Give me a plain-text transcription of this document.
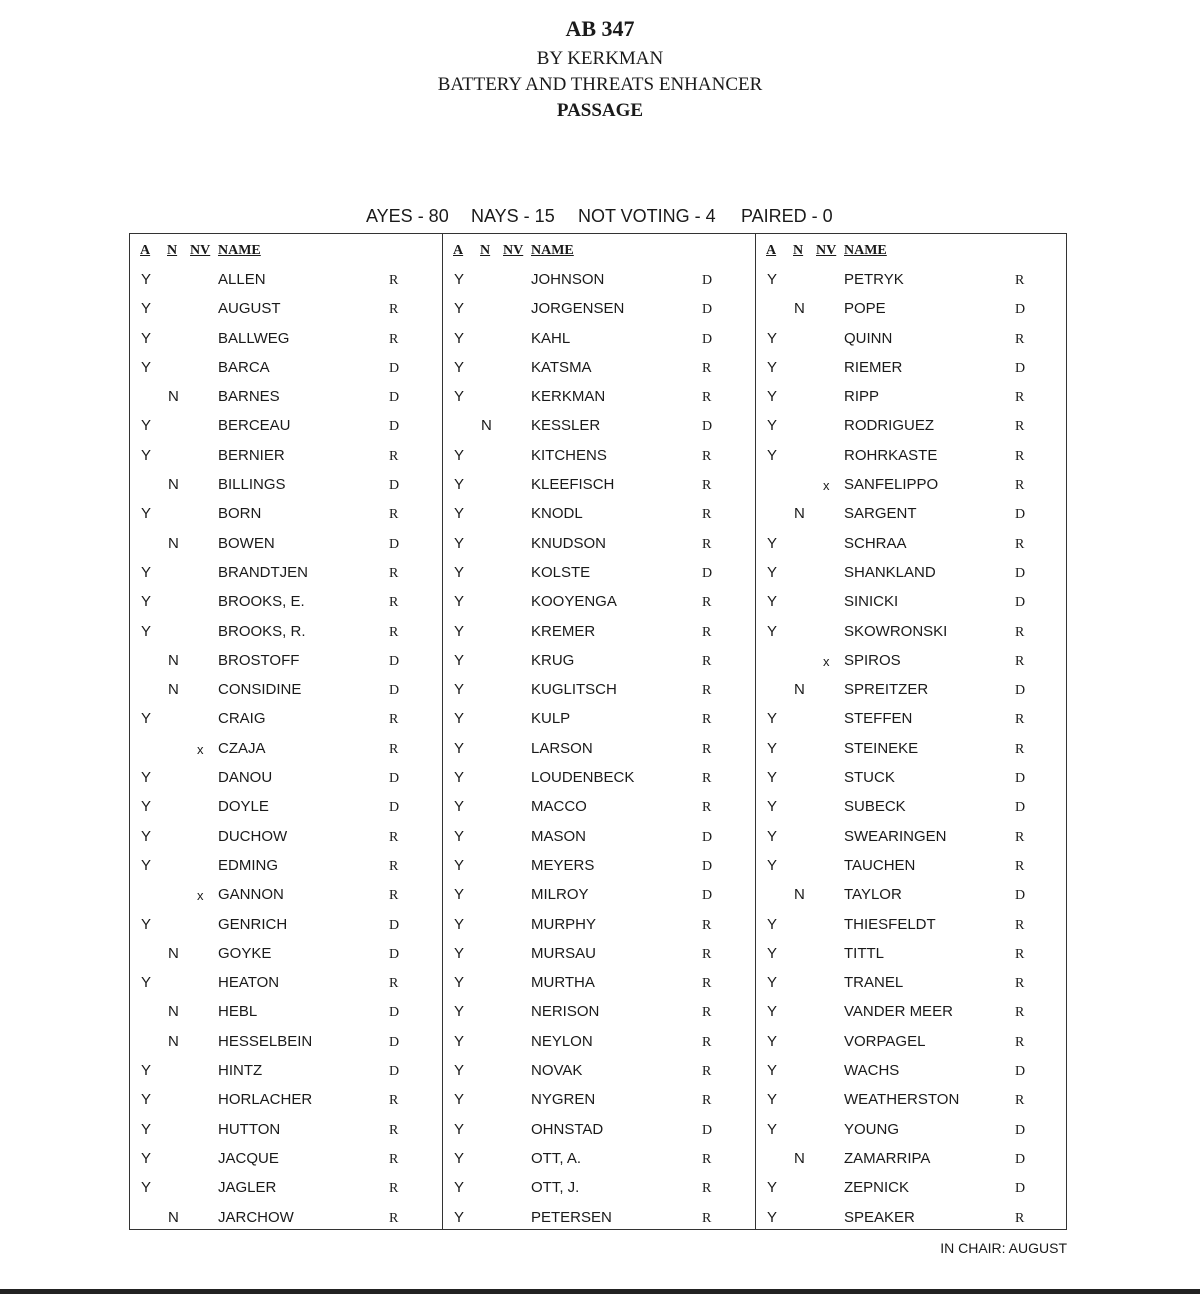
AB 347
BY KERKMAN
BATTERY AND THREATS ENHANCER
PASSAGE
AYES - 80 NAYS - 15 NOT VOTING - 4 PAIRED - 0
A N NV NAME
Y	ALLEN	R
Y	AUGUST	R
Y	BALLWEG	R
Y	BARCA	D
N	BARNES	D
Y	BERCEAU	D
Y	BERNIER	R
N	BILLINGS	D
Y	BORN	R
N	BOWEN	D
Y	BRANDTJEN	R
Y	BROOKS, E.	R
Y	BROOKS, R.	R
N	BROSTOFF	D
N	CONSIDINE	D
Y	CRAIG	R
x CZAJA	R
Y	DANOU	D
Y	DOYLE	D
Y	DUCHOW	R
Y	EDMING	R
x GANNON	R
Y	GENRICH	D
N	GOYKE	D
Y	HEATON	R
N	HEBL	D
N	HESSELBEIN	D
Y	HINTZ	D
Y	HORLACHER	R
Y	HUTTON	R
Y	JACQUE	R
Y	JAGLER	R
N	JARCHOW	R
A N NV NAME
Y	JOHNSON	D
Y	JORGENSEN	D
Y	KAHL	D
Y	KATSMA	R
Y	KERKMAN	R
N	KESSLER	D
Y	KITCHENS	R
Y	KLEEFISCH	R
Y	KNODL	R
Y	KNUDSON	R
Y	KOLSTE	D
Y	KOOYENGA	R
Y	KREMER	R
Y	KRUG	R
Y	KUGLITSCH	R
Y	KULP	R
Y	LARSON	R
Y	LOUDENBECK	R
Y	MACCO	R
Y	MASON	D
Y	MEYERS	D
Y	MILROY	D
Y	MURPHY	R
Y	MURSAU	R
Y	MURTHA	R
Y	NERISON	R
Y	NEYLON	R
Y	NOVAK	R
Y	NYGREN	R
Y	OHNSTAD	D
Y	OTT, A.	R
Y	OTT, J.	R
Y	PETERSEN	R
A N NV NAME
Y	PETRYK	R
N	POPE	D
Y	QUINN	R
Y	RIEMER	D
Y	RIPP	R
Y	RODRIGUEZ	R
Y	ROHRKASTE	R
x SANFELIPPO	R
N	SARGENT	D
Y	SCHRAA	R
Y	SHANKLAND	D
Y	SINICKI	D
Y	SKOWRONSKI	R
x SPIROS	R
N	SPREITZER	D
Y	STEFFEN	R
Y	STEINEKE	R
Y	STUCK	D
Y	SUBECK	D
Y	SWEARINGEN	R
Y	TAUCHEN	R
N	TAYLOR	D
Y	THIESFELDT	R
Y	TITTL	R
Y	TRANEL	R
Y	VANDER MEER	R
Y	VORPAGEL	R
Y	WACHS	D
Y	WEATHERSTON	R
Y	YOUNG	D
N	ZAMARRIPA	D
Y	ZEPNICK	D
Y	SPEAKER	R
IN CHAIR: AUGUST
